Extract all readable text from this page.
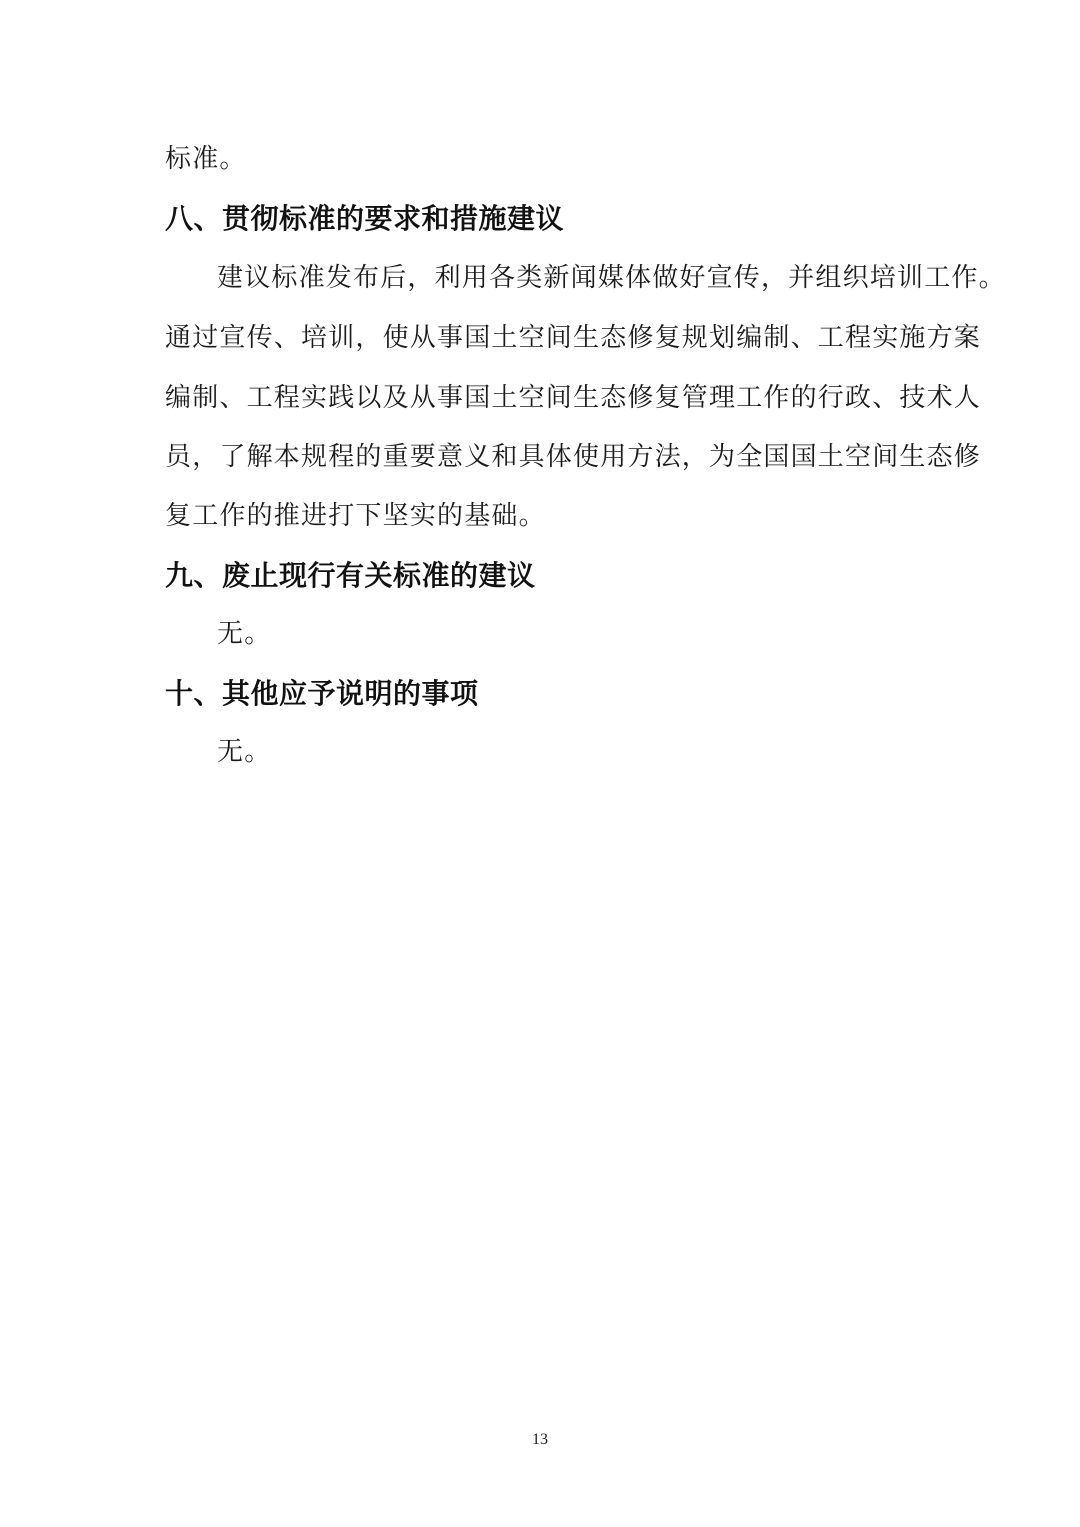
标准。
八、贯彻标准的要求和措施建议
建议标准发布后，利用各类新闻媒体做好宣传，并组织培训工作。
通过宣传、培训，使从事国土空间生态修复规划编制、工程实施方案
编制、工程实践以及从事国土空间生态修复管理工作的行政、技术人
员，了解本规程的重要意义和具体使用方法，为全国国土空间生态修
复工作的推进打下坚实的基础。
九、废止现行有关标准的建议
无。
十、其他应予说明的事项
无。
13
